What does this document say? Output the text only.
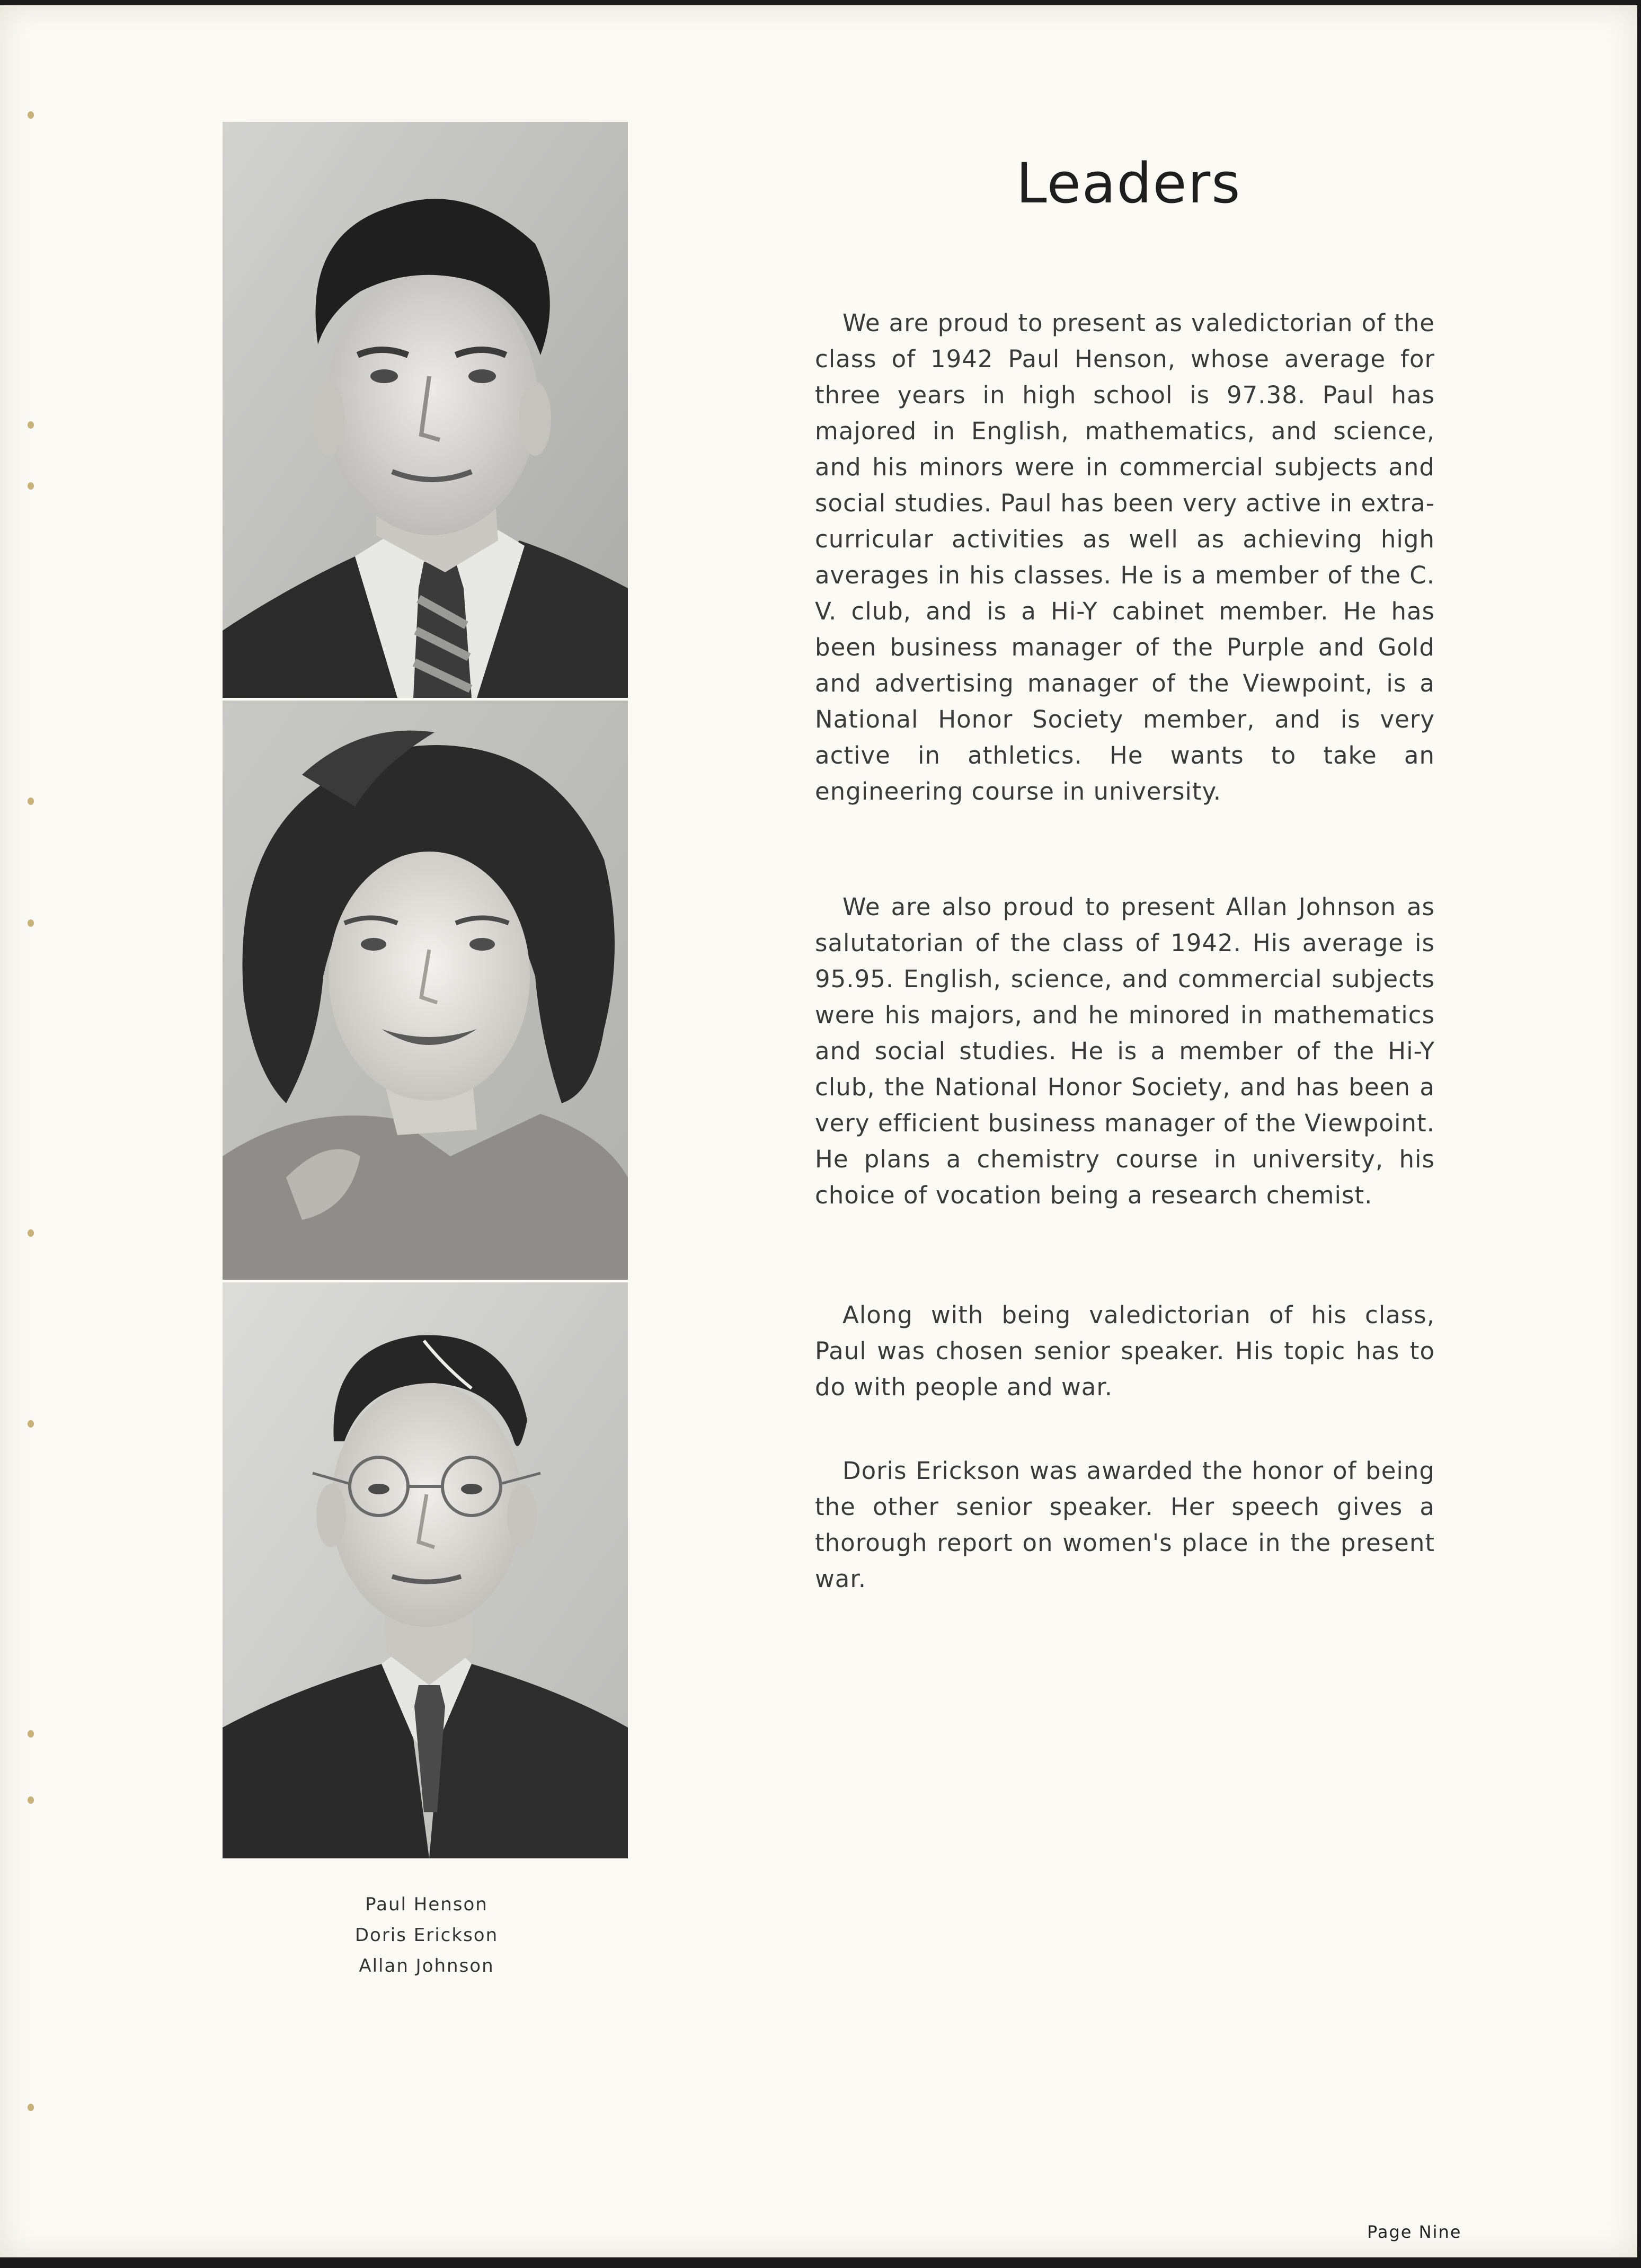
Paul Henson
Doris Erickson
Allan Johnson
Leaders

We are proud to present as valedictorian of the class of 1942 Paul Henson, whose average for three years in high school is 97.38. Paul has majored in English, mathematics, and science, and his minors were in commercial subjects and social studies. Paul has been very active in extra-curricular activities as well as achieving high averages in his classes. He is a member of the C. V. club, and is a Hi-Y cabinet member. He has been business manager of the Purple and Gold and advertising manager of the Viewpoint, is a National Honor Society member, and is very active in athletics. He wants to take an engineering course in university.

We are also proud to present Allan Johnson as salutatorian of the class of 1942. His average is 95.95. English, science, and commercial subjects were his majors, and he minored in mathematics and social studies. He is a member of the Hi-Y club, the National Honor Society, and has been a very efficient business manager of the Viewpoint. He plans a chemistry course in university, his choice of vocation being a research chemist.

Along with being valedictorian of his class, Paul was chosen senior speaker. His topic has to do with people and war.

Doris Erickson was awarded the honor of being the other senior speaker. Her speech gives a thorough report on women's place in the present war.

Page Nine
